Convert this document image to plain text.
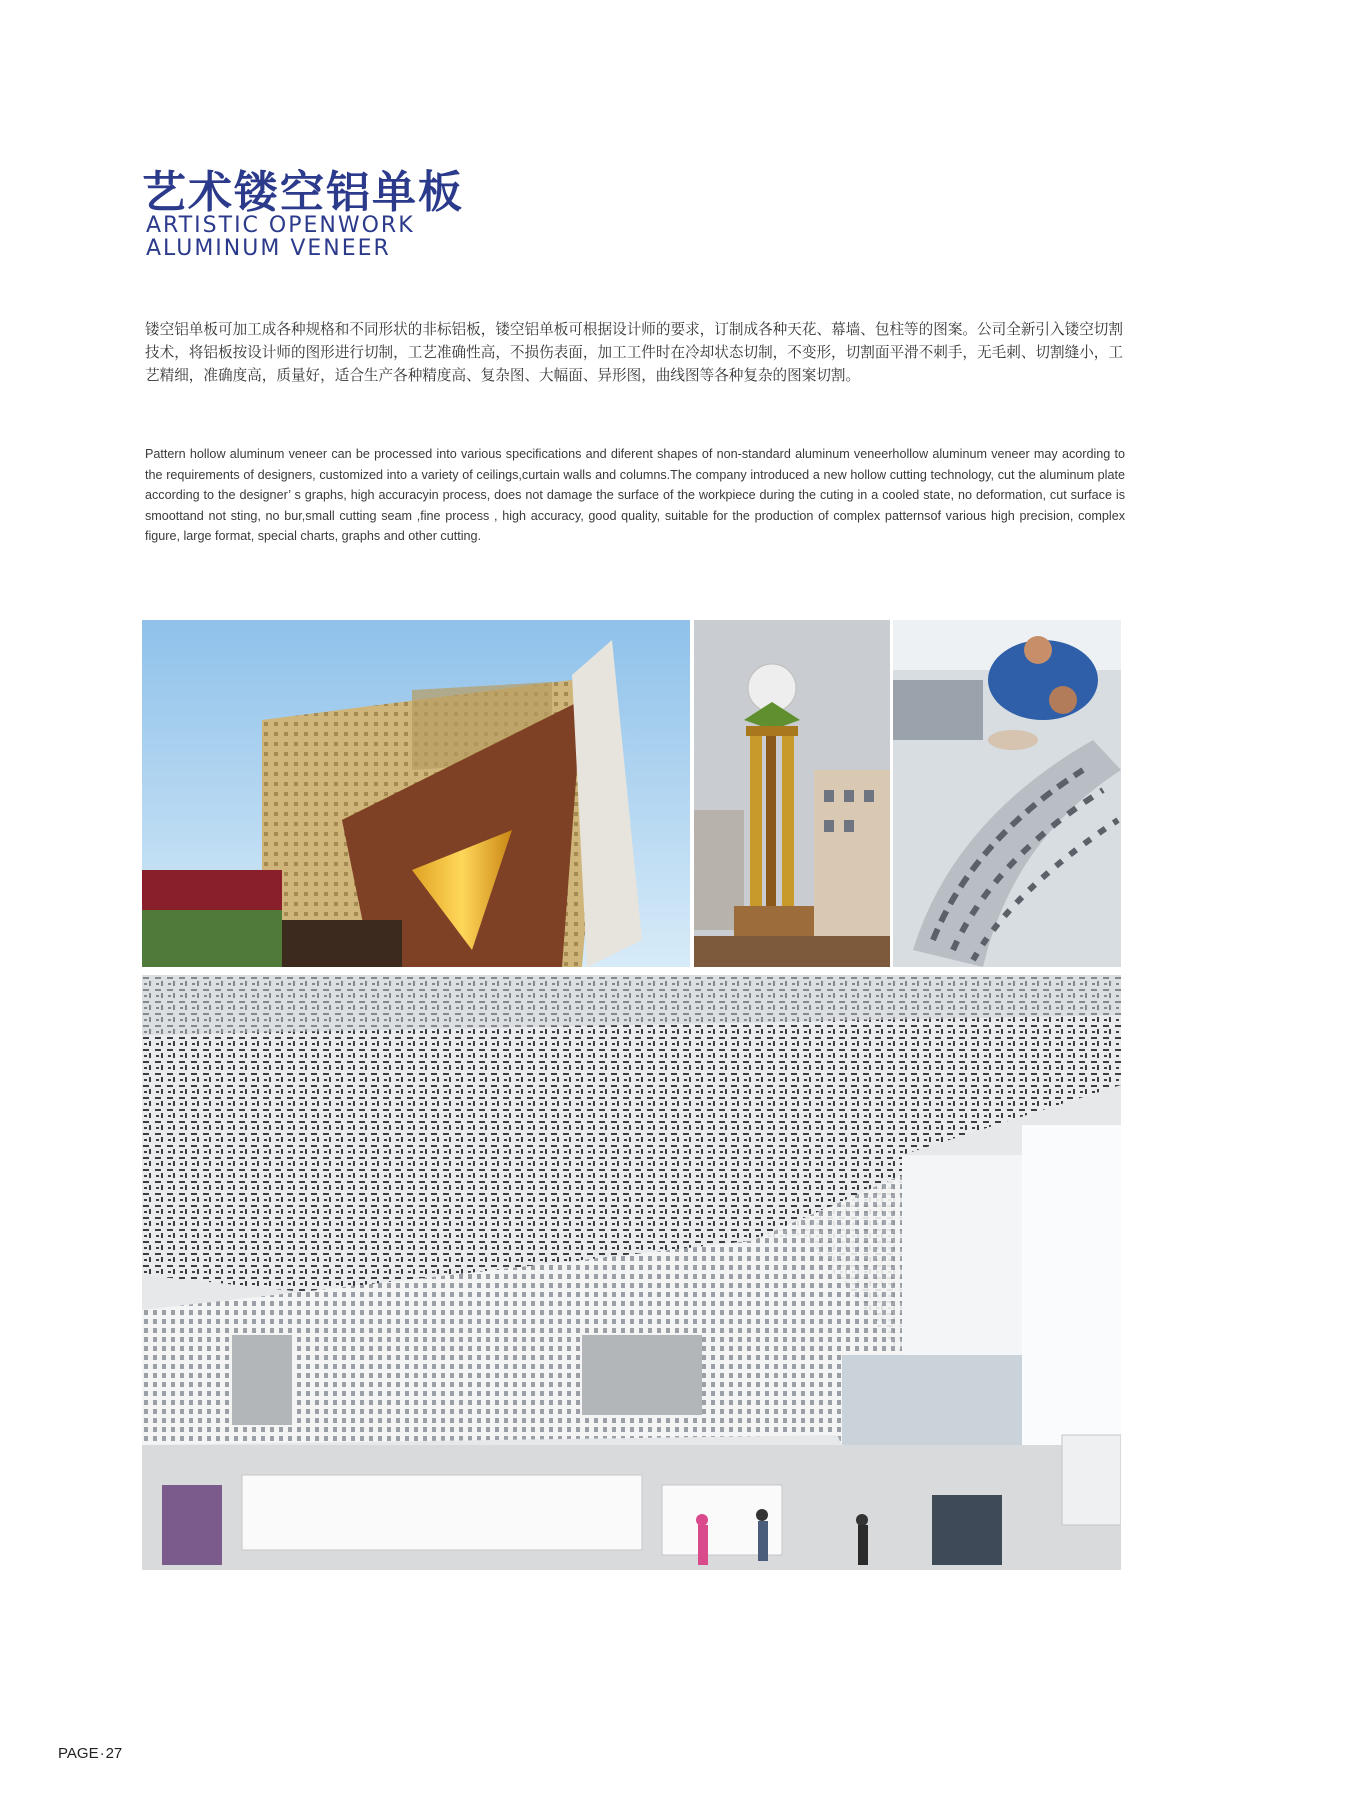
艺术镂空铝单板
ARTISTIC OPENWORK
ALUMINUM VENEER

镂空铝单板可加工成各种规格和不同形状的非标铝板，镂空铝单板可根据设计师的要求，订制成各种天花、幕墙、包柱等的图案。公司全新引入镂空切割技术，将铝板按设计师的图形进行切制，工艺准确性高，不损伤表面，加工工件时在冷却状态切制，不变形，切割面平滑不刺手，无毛刺、切割缝小，工艺精细，准确度高，质量好，适合生产各种精度高、复杂图、大幅面、异形图，曲线图等各种复杂的图案切割。

Pattern hollow aluminum veneer can be processed into various specifications and diferent shapes of non-standard aluminum veneerhollow aluminum veneer may acording to the requirements of designers, customized into a variety of ceilings,curtain walls and columns.The company introduced a new hollow cutting technology, cut the aluminum plate according to the designer’ s graphs, high accuracyin process, does not damage the surface of the workpiece during the cuting in a cooled state, no deformation, cut surface is smoottand not sting, no bur,small cutting seam ,fine process , high accuracy, good quality, suitable for the production of complex patternsof various high precision, complex figure, large format, special charts, graphs and other cutting.

PAGE·27
